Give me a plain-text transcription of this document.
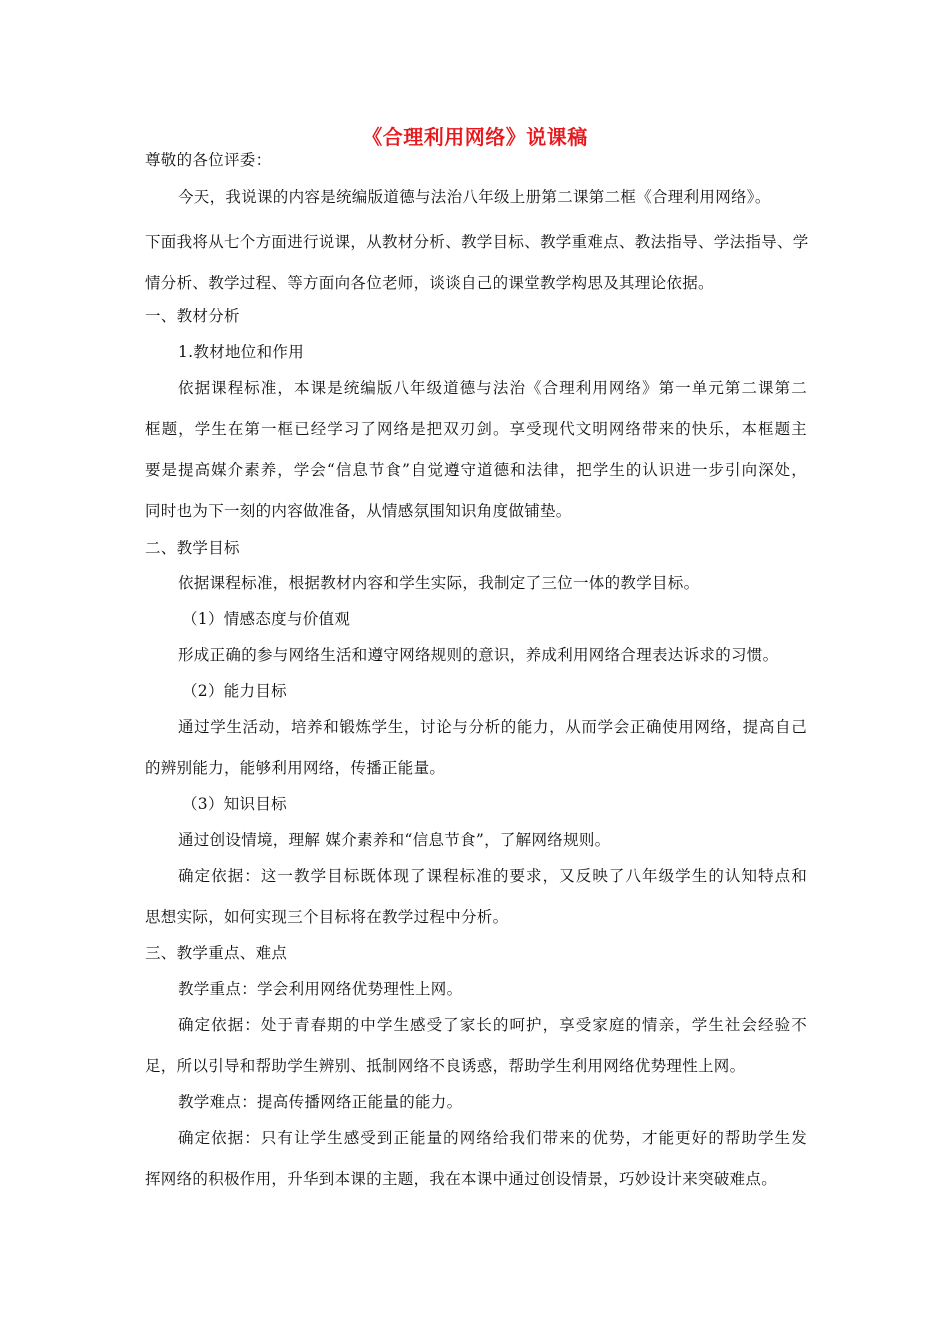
《合理利用网络》说课稿
尊敬的各位评委：
今天，我说课的内容是统编版道德与法治八年级上册第二课第二框《合理利用网络》。
下面我将从七个方面进行说课，从教材分析、教学目标、教学重难点、教法指导、学法指导、学
情分析、教学过程、等方面向各位老师，谈谈自己的课堂教学构思及其理论依据。
一、教材分析
1.教材地位和作用
依据课程标准，本课是统编版八年级道德与法治《合理利用网络》第一单元第二课第二
框题，学生在第一框已经学习了网络是把双刃剑。享受现代文明网络带来的快乐，本框题主
要是提高媒介素养，学会“信息节食”自觉遵守道德和法律，把学生的认识进一步引向深处，
同时也为下一刻的内容做准备，从情感氛围知识角度做铺垫。
二、教学目标
依据课程标准，根据教材内容和学生实际，我制定了三位一体的教学目标。
（1）情感态度与价值观
形成正确的参与网络生活和遵守网络规则的意识，养成利用网络合理表达诉求的习惯。
（2）能力目标
通过学生活动，培养和锻炼学生，讨论与分析的能力，从而学会正确使用网络，提高自己
的辨别能力，能够利用网络，传播正能量。
（3）知识目标
通过创设情境，理解 媒介素养和“信息节食”，了解网络规则。
确定依据：这一教学目标既体现了课程标准的要求，又反映了八年级学生的认知特点和
思想实际，如何实现三个目标将在教学过程中分析。
三、教学重点、难点
教学重点：学会利用网络优势理性上网。
确定依据：处于青春期的中学生感受了家长的呵护，享受家庭的情亲，学生社会经验不
足，所以引导和帮助学生辨别、抵制网络不良诱惑，帮助学生利用网络优势理性上网。
教学难点：提高传播网络正能量的能力。
确定依据：只有让学生感受到正能量的网络给我们带来的优势，才能更好的帮助学生发
挥网络的积极作用，升华到本课的主题，我在本课中通过创设情景，巧妙设计来突破难点。
